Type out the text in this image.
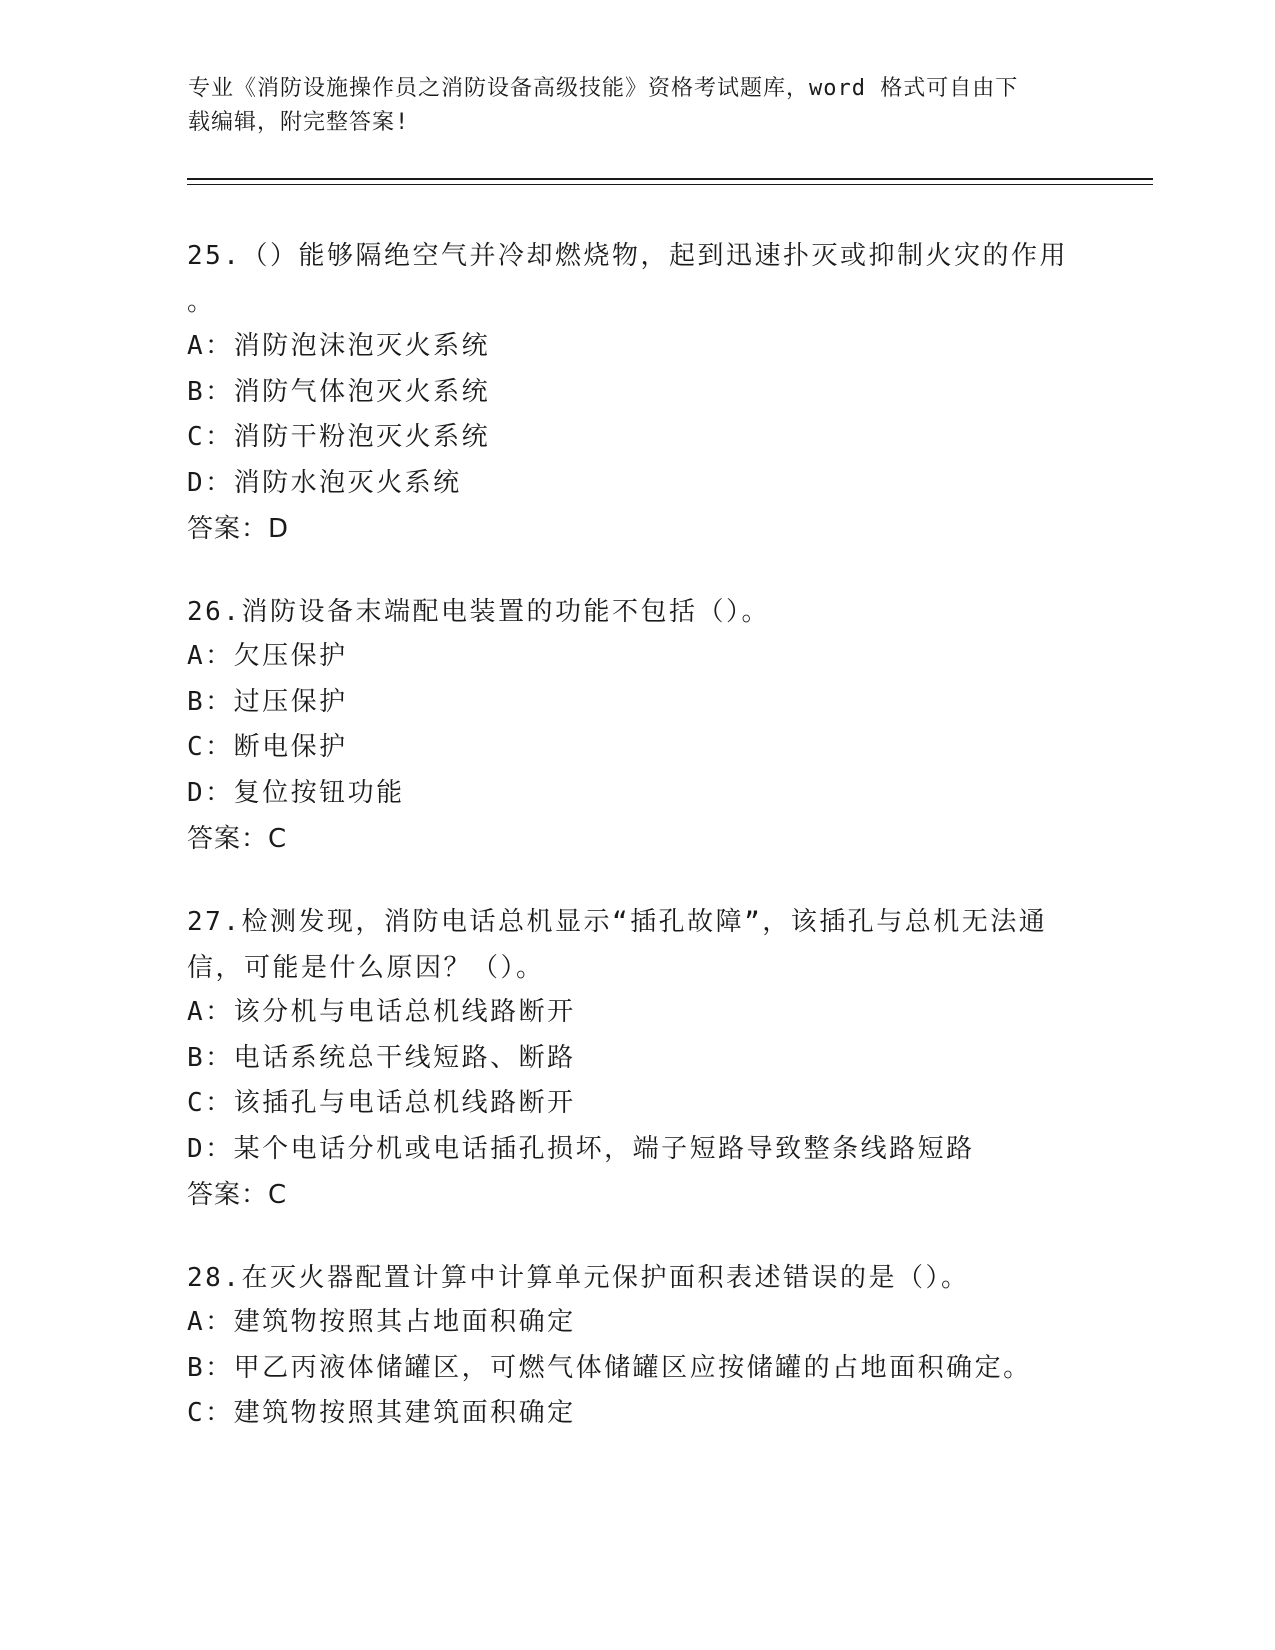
专业《消防设施操作员之消防设备高级技能》资格考试题库，word 格式可自由下
载编辑，附完整答案!
25.（）能够隔绝空气并冷却燃烧物，起到迅速扑灭或抑制火灾的作用
。
A：消防泡沫泡灭火系统
B：消防气体泡灭火系统
C：消防干粉泡灭火系统
D：消防水泡灭火系统
答案：D
26.消防设备末端配电装置的功能不包括（）。
A：欠压保护
B：过压保护
C：断电保护
D：复位按钮功能
答案：C
27.检测发现，消防电话总机显示“插孔故障”，该插孔与总机无法通
信，可能是什么原因？（）。
A：该分机与电话总机线路断开
B：电话系统总干线短路、断路
C：该插孔与电话总机线路断开
D：某个电话分机或电话插孔损坏，端子短路导致整条线路短路
答案：C
28.在灭火器配置计算中计算单元保护面积表述错误的是（）。
A：建筑物按照其占地面积确定
B：甲乙丙液体储罐区，可燃气体储罐区应按储罐的占地面积确定。
C：建筑物按照其建筑面积确定
